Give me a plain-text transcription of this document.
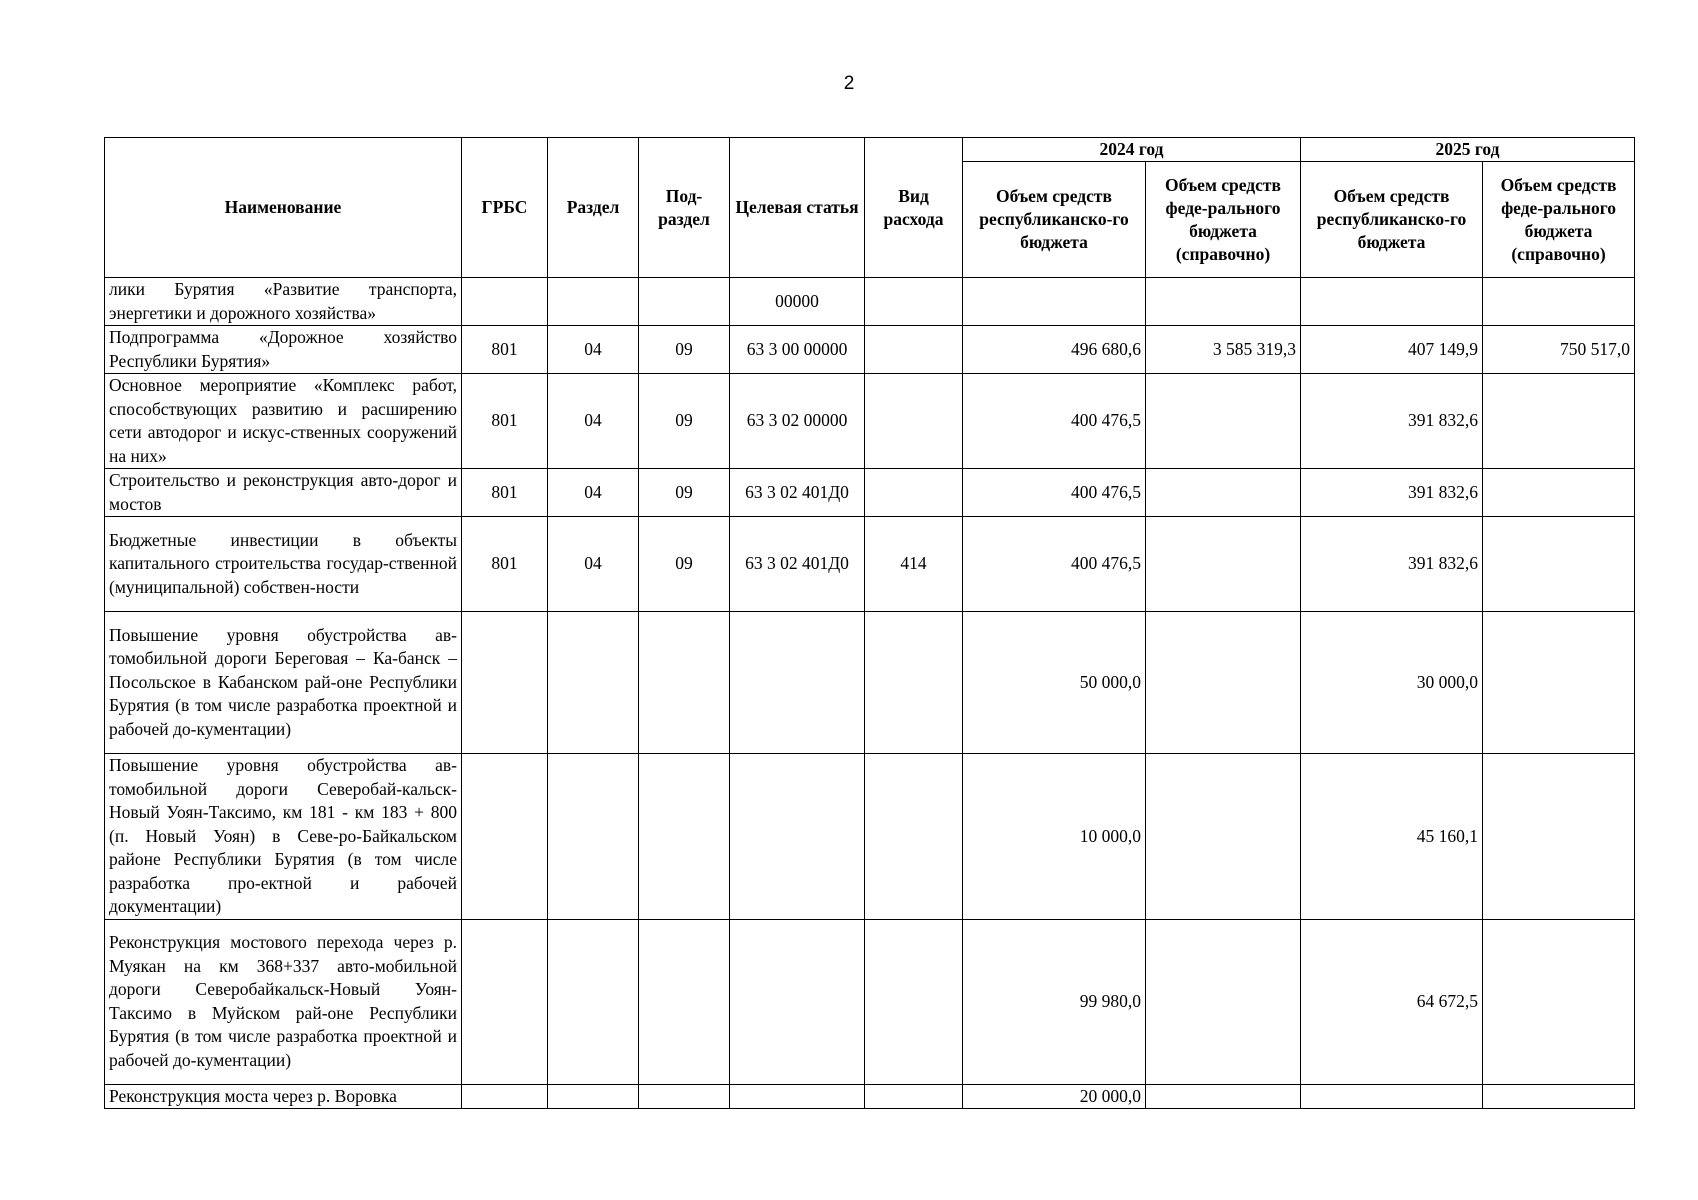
2
Наименование	ГРБС	Раздел	Под-раздел	Целевая статья	Вид расхода	2024 год		2025 год	
						Объем средств республиканско-го бюджета	Объем средств феде-рального бюджета (справочно)	Объем средств республиканско-го бюджета	Объем средств феде-рального бюджета (справочно)
лики Бурятия «Развитие транспорта, энергетики и дорожного хозяйства»				00000					
Подпрограмма «Дорожное хозяйство Республики Бурятия»	801	04	09	63 3 00 00000		496 680,6	3 585 319,3	407 149,9	750 517,0
Основное мероприятие «Комплекс работ, способствующих развитию и расширению сети автодорог и искус-ственных сооружений на них»	801	04	09	63 3 02 00000		400 476,5		391 832,6	
Строительство и реконструкция авто-дорог и мостов	801	04	09	63 3 02 401Д0		400 476,5		391 832,6	
Бюджетные инвестиции в объекты капитального строительства государ-ственной (муниципальной) собствен-ности	801	04	09	63 3 02 401Д0	414	400 476,5		391 832,6	
Повышение уровня обустройства ав-томобильной дороги Береговая – Ка-банск – Посольское в Кабанском рай-оне Республики Бурятия (в том числе разработка проектной и рабочей до-кументации)						50 000,0		30 000,0	
Повышение уровня обустройства ав-томобильной дороги Северобай-кальск-Новый Уоян-Таксимо, км 181 - км 183 + 800 (п. Новый Уоян) в Севе-ро-Байкальском районе Республики Бурятия (в том числе разработка про-ектной и рабочей документации)						10 000,0		45 160,1	
Реконструкция мостового перехода через р. Муякан на км 368+337 авто-мобильной дороги Северобайкальск-Новый Уоян-Таксимо в Муйском рай-оне Республики Бурятия (в том числе разработка проектной и рабочей до-кументации)						99 980,0		64 672,5	
Реконструкция моста через р. Воровка						20 000,0			
